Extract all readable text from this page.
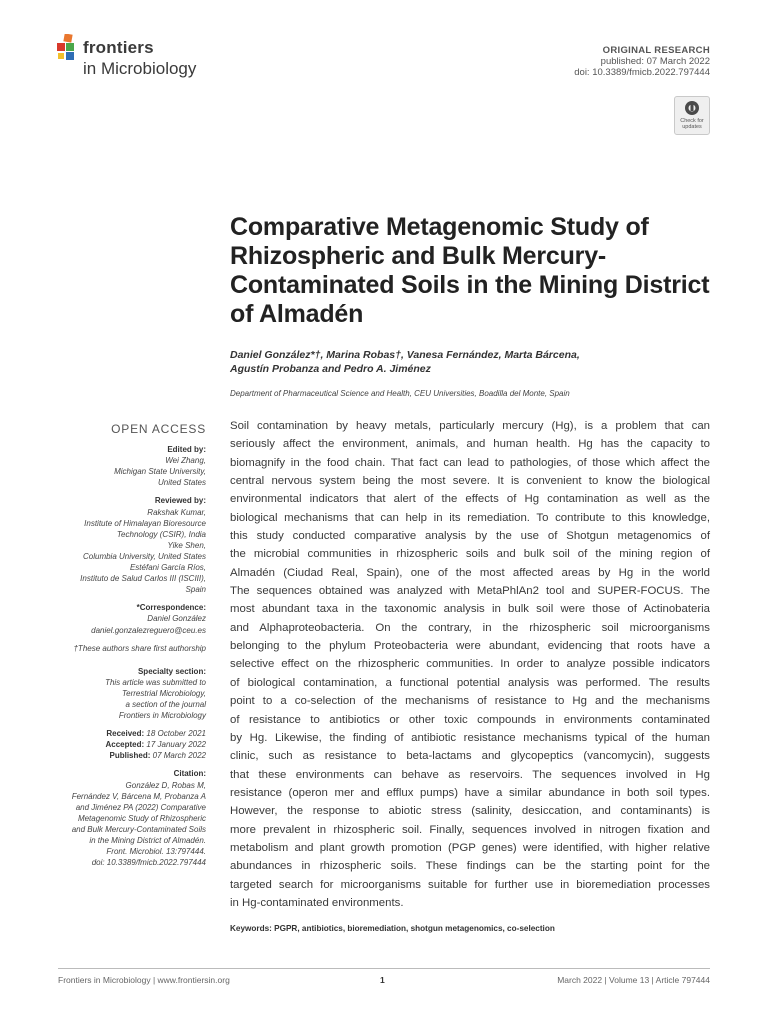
frontiers
in Microbiology
ORIGINAL RESEARCH
published: 07 March 2022
doi: 10.3389/fmicb.2022.797444
Check for updates
Comparative Metagenomic Study of Rhizospheric and Bulk Mercury-Contaminated Soils in the Mining District of Almadén
Daniel González*†, Marina Robas†, Vanesa Fernández, Marta Bárcena,
Agustín Probanza and Pedro A. Jiménez
Department of Pharmaceutical Science and Health, CEU Universities, Boadilla del Monte, Spain
OPEN ACCESS
Edited by:
Wei Zhang,
Michigan State University,
United States
Reviewed by:
Rakshak Kumar,
Institute of Himalayan Bioresource
Technology (CSIR), India
Yike Shen,
Columbia University, United States
Estéfani García Ríos,
Instituto de Salud Carlos III (ISCIII),
Spain
*Correspondence:
Daniel González
daniel.gonzalezreguero@ceu.es
†These authors share first authorship
Specialty section:
This article was submitted to
Terrestrial Microbiology,
a section of the journal
Frontiers in Microbiology
Received: 18 October 2021
Accepted: 17 January 2022
Published: 07 March 2022
Citation:
González D, Robas M,
Fernández V, Bárcena M, Probanza A
and Jiménez PA (2022) Comparative
Metagenomic Study of Rhizospheric
and Bulk Mercury-Contaminated Soils
in the Mining District of Almadén.
Front. Microbiol. 13:797444.
doi: 10.3389/fmicb.2022.797444
Soil contamination by heavy metals, particularly mercury (Hg), is a problem that can
seriously affect the environment, animals, and human health. Hg has the capacity to
biomagnify in the food chain. That fact can lead to pathologies, of those which affect the
central nervous system being the most severe. It is convenient to know the biological
environmental indicators that alert of the effects of Hg contamination as well as the
biological mechanisms that can help in its remediation. To contribute to this knowledge,
this study conducted comparative analysis by the use of Shotgun metagenomics of
the microbial communities in rhizospheric soils and bulk soil of the mining region of
Almadén (Ciudad Real, Spain), one of the most affected areas by Hg in the world
The sequences obtained was analyzed with MetaPhlAn2 tool and SUPER-FOCUS. The
most abundant taxa in the taxonomic analysis in bulk soil were those of Actinobateria
and Alphaproteobacteria. On the contrary, in the rhizospheric soil microorganisms
belonging to the phylum Proteobacteria were abundant, evidencing that roots have a
selective effect on the rhizospheric communities. In order to analyze possible indicators
of biological contamination, a functional potential analysis was performed. The results
point to a co-selection of the mechanisms of resistance to Hg and the mechanisms
of resistance to antibiotics or other toxic compounds in environments contaminated
by Hg. Likewise, the finding of antibiotic resistance mechanisms typical of the human
clinic, such as resistance to beta-lactams and glycopeptics (vancomycin), suggests
that these environments can behave as reservoirs. The sequences involved in Hg
resistance (operon mer and efflux pumps) have a similar abundance in both soil types.
However, the response to abiotic stress (salinity, desiccation, and contaminants) is
more prevalent in rhizospheric soil. Finally, sequences involved in nitrogen fixation and
metabolism and plant growth promotion (PGP genes) were identified, with higher relative
abundances in rhizospheric soils. These findings can be the starting point for the
targeted search for microorganisms suitable for further use in bioremediation processes
in Hg-contaminated environments.
Keywords: PGPR, antibiotics, bioremediation, shotgun metagenomics, co-selection
Frontiers in Microbiology | www.frontiersin.org	1	March 2022 | Volume 13 | Article 797444
